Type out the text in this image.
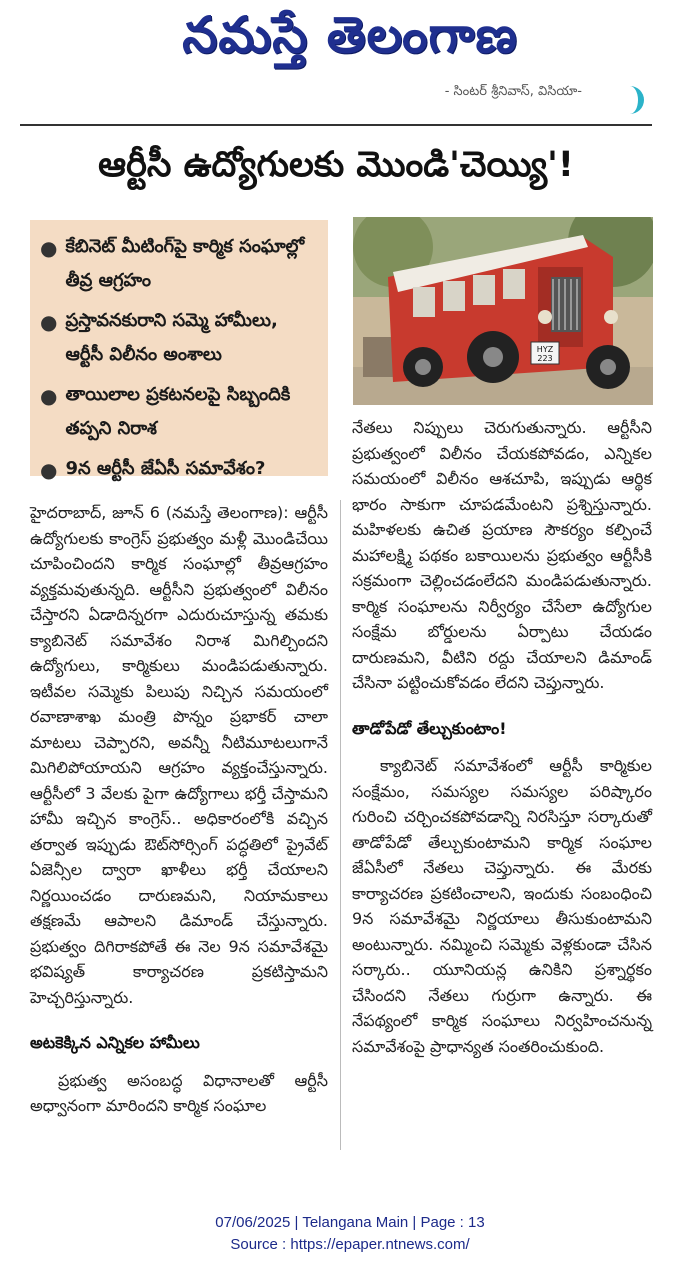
నమస్తే తెలంగాణ
- సింటర్ శ్రీనివాస్, విసియా-
ఆర్టీసీ ఉద్యోగులకు మొండి'చెయ్యి'!
● కేబినెట్ మీటింగ్‌పై కార్మిక సంఘాల్లో తీవ్ర ఆగ్రహం
● ప్రస్తావనకురాని సమ్మె హామీలు, ఆర్టీసీ విలీనం అంశాలు
● తాయిలాల ప్రకటనలపై సిబ్బందికి తప్పని నిరాశ
● 9న ఆర్టీసీ జేఏసీ సమావేశం?
HYZ
223

హైదరాబాద్, జూన్ 6 (నమస్తే తెలంగాణ): ఆర్టీసీ ఉద్యోగులకు కాంగ్రెస్ ప్రభుత్వం మళ్లీ మొండిచేయి చూపించిందని కార్మిక సంఘాల్లో తీవ్రఆగ్రహం వ్యక్తమవుతున్నది. ఆర్టీసీని ప్రభుత్వంలో విలీనం చేస్తారని ఏడాదిన్నరగా ఎదురుచూస్తున్న తమకు క్యాబినెట్ సమావేశం నిరాశ మిగిల్చిందని ఉద్యోగులు, కార్మికులు మండిపడుతున్నారు. ఇటీవల సమ్మెకు పిలుపు నిచ్చిన సమయంలో రవాణాశాఖ మంత్రి పొన్నం ప్రభాకర్ చాలా మాటలు చెప్పారని, అవన్నీ నీటిమూటలుగానే మిగిలిపోయాయని ఆగ్రహం వ్యక్తంచేస్తున్నారు. ఆర్టీసీలో 3 వేలకు పైగా ఉద్యోగాలు భర్తీ చేస్తామని హామీ ఇచ్చిన కాంగ్రెస్.. అధికారంలోకి వచ్చిన తర్వాత ఇప్పుడు ఔట్‌సోర్సింగ్ పద్ధతిలో ప్రైవేట్ ఏజెన్సీల ద్వారా ఖాళీలు భర్తీ చేయాలని నిర్ణయించడం దారుణమని, నియామకాలు తక్షణమే ఆపాలని డిమాండ్ చేస్తున్నారు. ప్రభుత్వం దిగిరాకపోతే ఈ నెల 9న సమావేశమై భవిష్యత్ కార్యాచరణ ప్రకటిస్తామని హెచ్చరిస్తున్నారు.

అటకెక్కిన ఎన్నికల హామీలు

ప్రభుత్వ అసంబద్ధ విధానాలతో ఆర్టీసీ అధ్వానంగా మారిందని కార్మిక సంఘాల

నేతలు నిప్పులు చెరుగుతున్నారు. ఆర్టీసీని ప్రభుత్వంలో విలీనం చేయకపోవడం, ఎన్నికల సమయంలో విలీనం ఆశచూపి, ఇప్పుడు ఆర్థిక భారం సాకుగా చూపడమేంటని ప్రశ్నిస్తున్నారు. మహిళలకు ఉచిత ప్రయాణ సౌకర్యం కల్పించే మహాలక్ష్మి పథకం బకాయిలను ప్రభుత్వం ఆర్టీసీకి సక్రమంగా చెల్లించడంలేదని మండిపడుతున్నారు. కార్మిక సంఘాలను నిర్వీర్యం చేసేలా ఉద్యోగుల సంక్షేమ బోర్డులను ఏర్పాటు చేయడం దారుణమని, వీటిని రద్దు చేయాలని డిమాండ్ చేసినా పట్టించుకోవడం లేదని చెప్తున్నారు.

తాడోపేడో తేల్చుకుంటాం!

క్యాబినెట్ సమావేశంలో ఆర్టీసీ కార్మికుల సంక్షేమం, సమస్యల సమస్యల పరిష్కారం గురించి చర్చించకపోవడాన్ని నిరసిస్తూ సర్కారుతో తాడోపేడో తేల్చుకుంటామని కార్మిక సంఘాల జేఏసీలో నేతలు చెప్తున్నారు. ఈ మేరకు కార్యాచరణ ప్రకటించాలని, ఇందుకు సంబంధించి 9న సమావేశమై నిర్ణయాలు తీసుకుంటామని అంటున్నారు. నమ్మించి సమ్మెకు వెళ్లకుండా చేసిన సర్కారు.. యూనియన్ల ఉనికిని ప్రశ్నార్థకం చేసిందని నేతలు గుర్రుగా ఉన్నారు. ఈ నేపథ్యంలో కార్మిక సంఘాలు నిర్వహించనున్న సమావేశంపై ప్రాధాన్యత సంతరించుకుంది.

07/06/2025 | Telangana Main | Page : 13
Source : https://epaper.ntnews.com/
